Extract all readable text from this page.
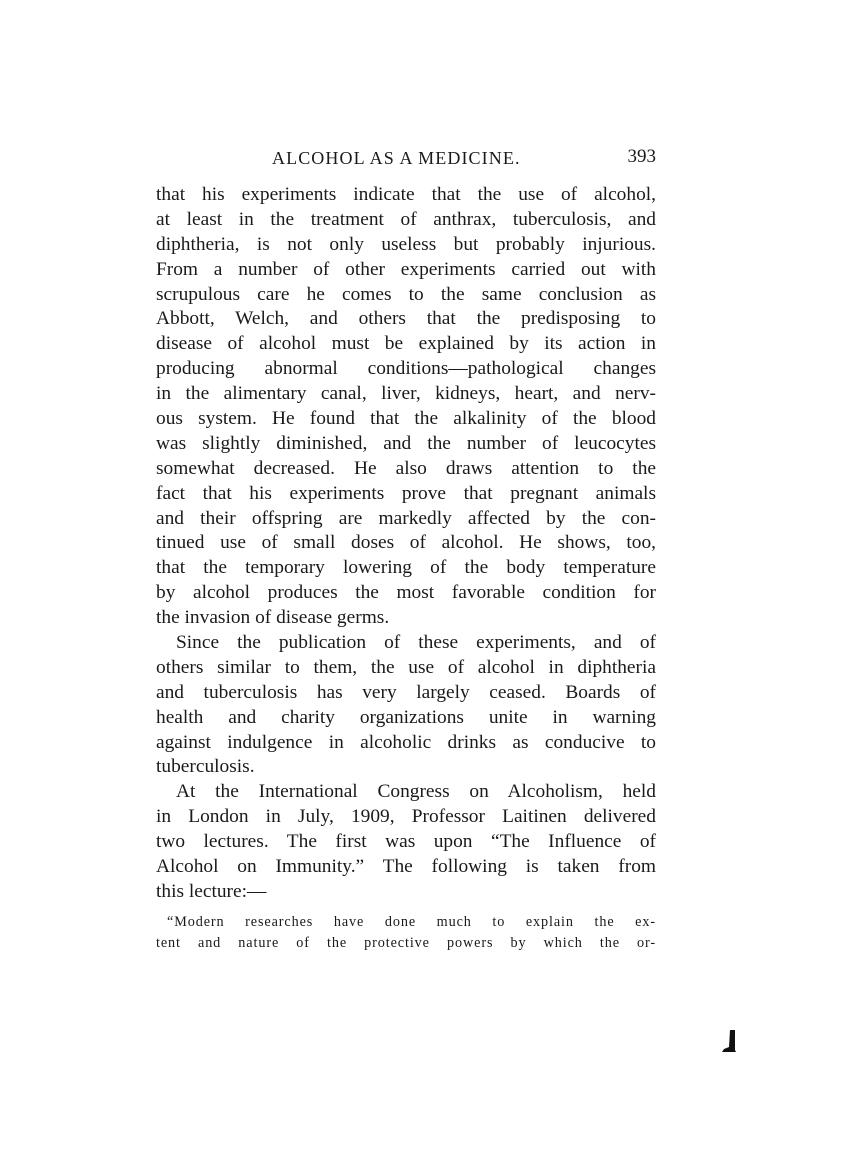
ALCOHOL AS A MEDICINE.	393
that his experiments indicate that the use of alcohol,
at least in the treatment of anthrax, tuberculosis, and
diphtheria, is not only useless but probably injurious.
From a number of other experiments carried out with
scrupulous care he comes to the same conclusion as
Abbott, Welch, and others that the predisposing to
disease of alcohol must be explained by its action in
producing abnormal conditions—pathological changes
in the alimentary canal, liver, kidneys, heart, and nerv-
ous system. He found that the alkalinity of the blood
was slightly diminished, and the number of leucocytes
somewhat decreased. He also draws attention to the
fact that his experiments prove that pregnant animals
and their offspring are markedly affected by the con-
tinued use of small doses of alcohol. He shows, too,
that the temporary lowering of the body temperature
by alcohol produces the most favorable condition for
the invasion of disease germs.
Since the publication of these experiments, and of
others similar to them, the use of alcohol in diphtheria
and tuberculosis has very largely ceased. Boards of
health and charity organizations unite in warning
against indulgence in alcoholic drinks as conducive to
tuberculosis.
At the International Congress on Alcoholism, held
in London in July, 1909, Professor Laitinen delivered
two lectures. The first was upon “The Influence of
Alcohol on Immunity.” The following is taken from
this lecture:—
“Modern researches have done much to explain the ex-
tent and nature of the protective powers by which the or-
